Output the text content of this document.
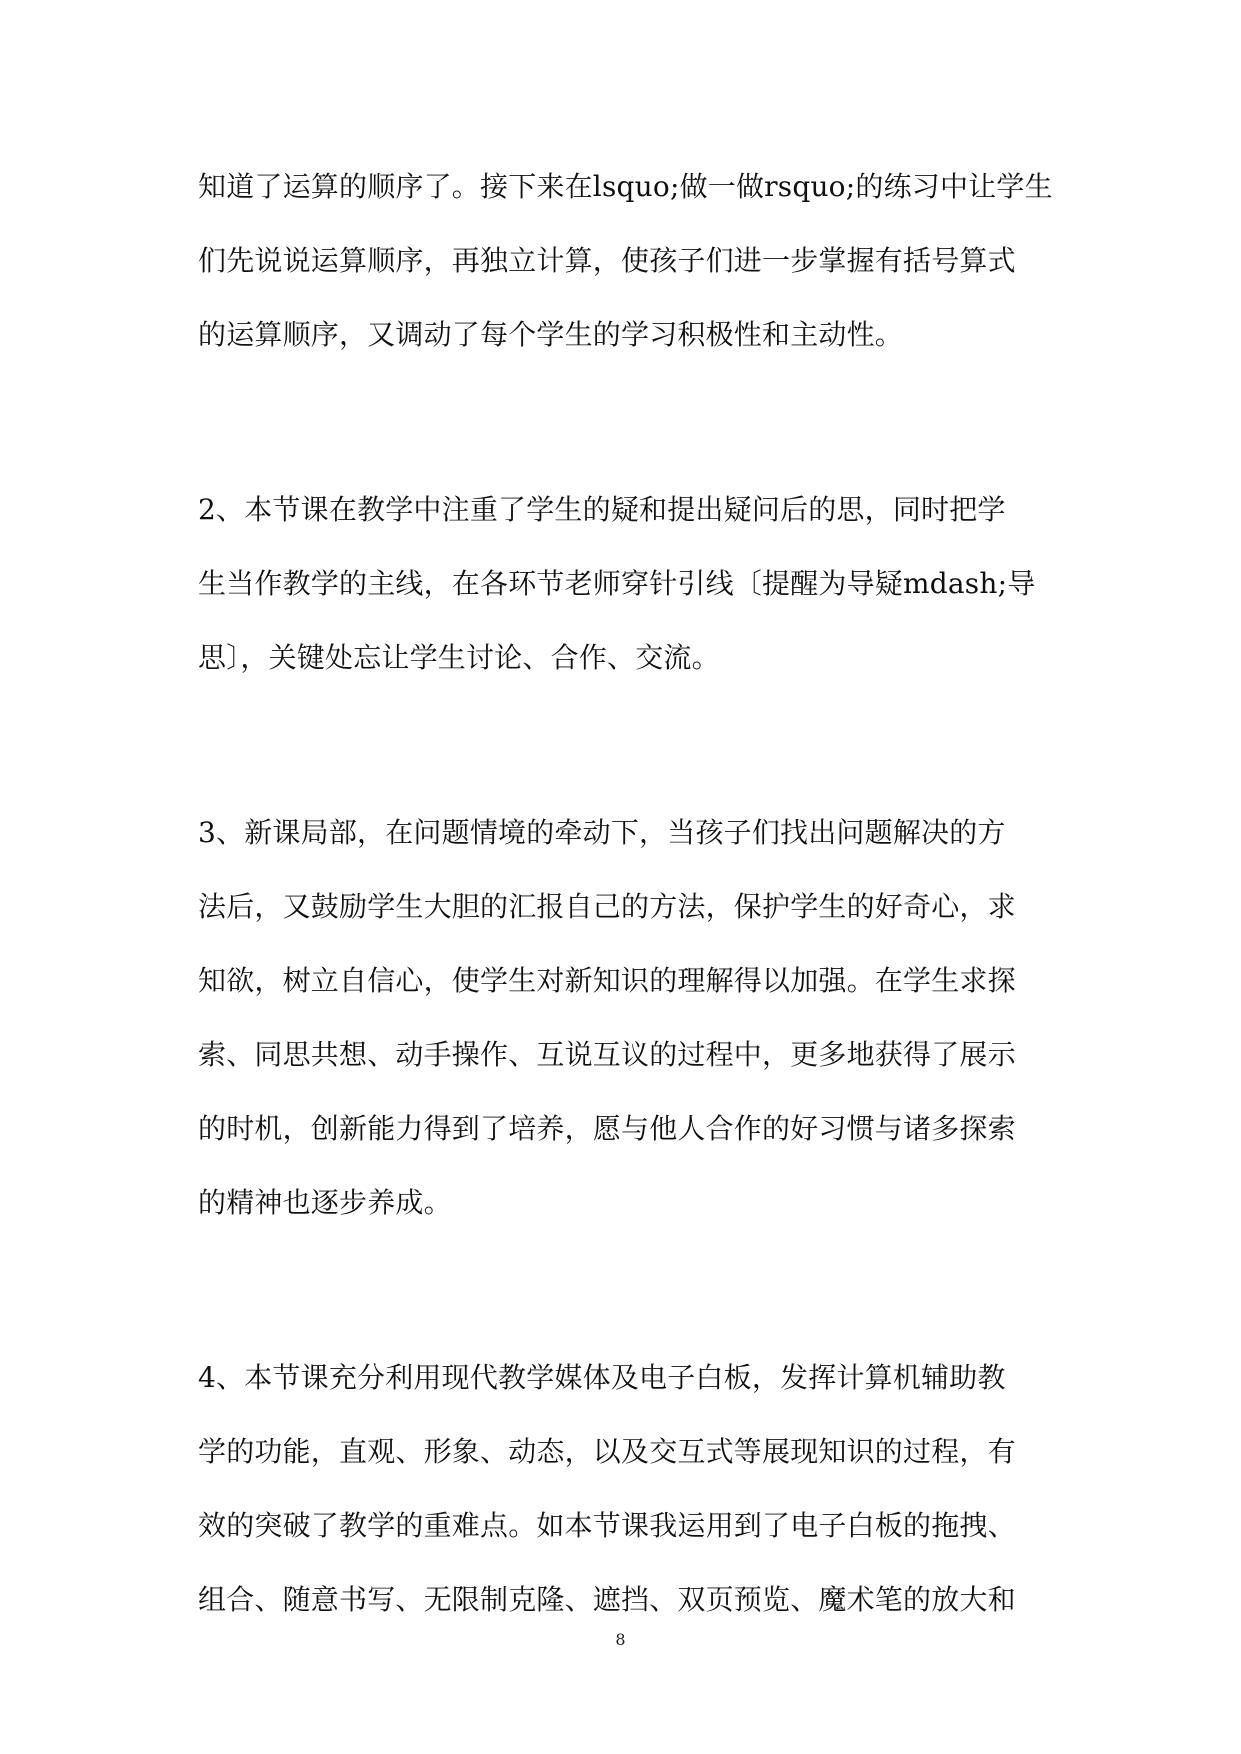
知道了运算的顺序了。接下来在lsquo;做一做rsquo;的练习中让学生
们先说说运算顺序，再独立计算，使孩子们进一步掌握有括号算式
的运算顺序，又调动了每个学生的学习积极性和主动性。
2、本节课在教学中注重了学生的疑和提出疑问后的思，同时把学
生当作教学的主线，在各环节老师穿针引线〔提醒为导疑mdash;导
思〕，关键处忘让学生讨论、合作、交流。
3、新课局部，在问题情境的牵动下，当孩子们找出问题解决的方
法后，又鼓励学生大胆的汇报自己的方法，保护学生的好奇心，求
知欲，树立自信心，使学生对新知识的理解得以加强。在学生求探
索、同思共想、动手操作、互说互议的过程中，更多地获得了展示
的时机，创新能力得到了培养，愿与他人合作的好习惯与诸多探索
的精神也逐步养成。
4、本节课充分利用现代教学媒体及电子白板，发挥计算机辅助教
学的功能，直观、形象、动态，以及交互式等展现知识的过程，有
效的突破了教学的重难点。如本节课我运用到了电子白板的拖拽、
组合、随意书写、无限制克隆、遮挡、双页预览、魔术笔的放大和
8
